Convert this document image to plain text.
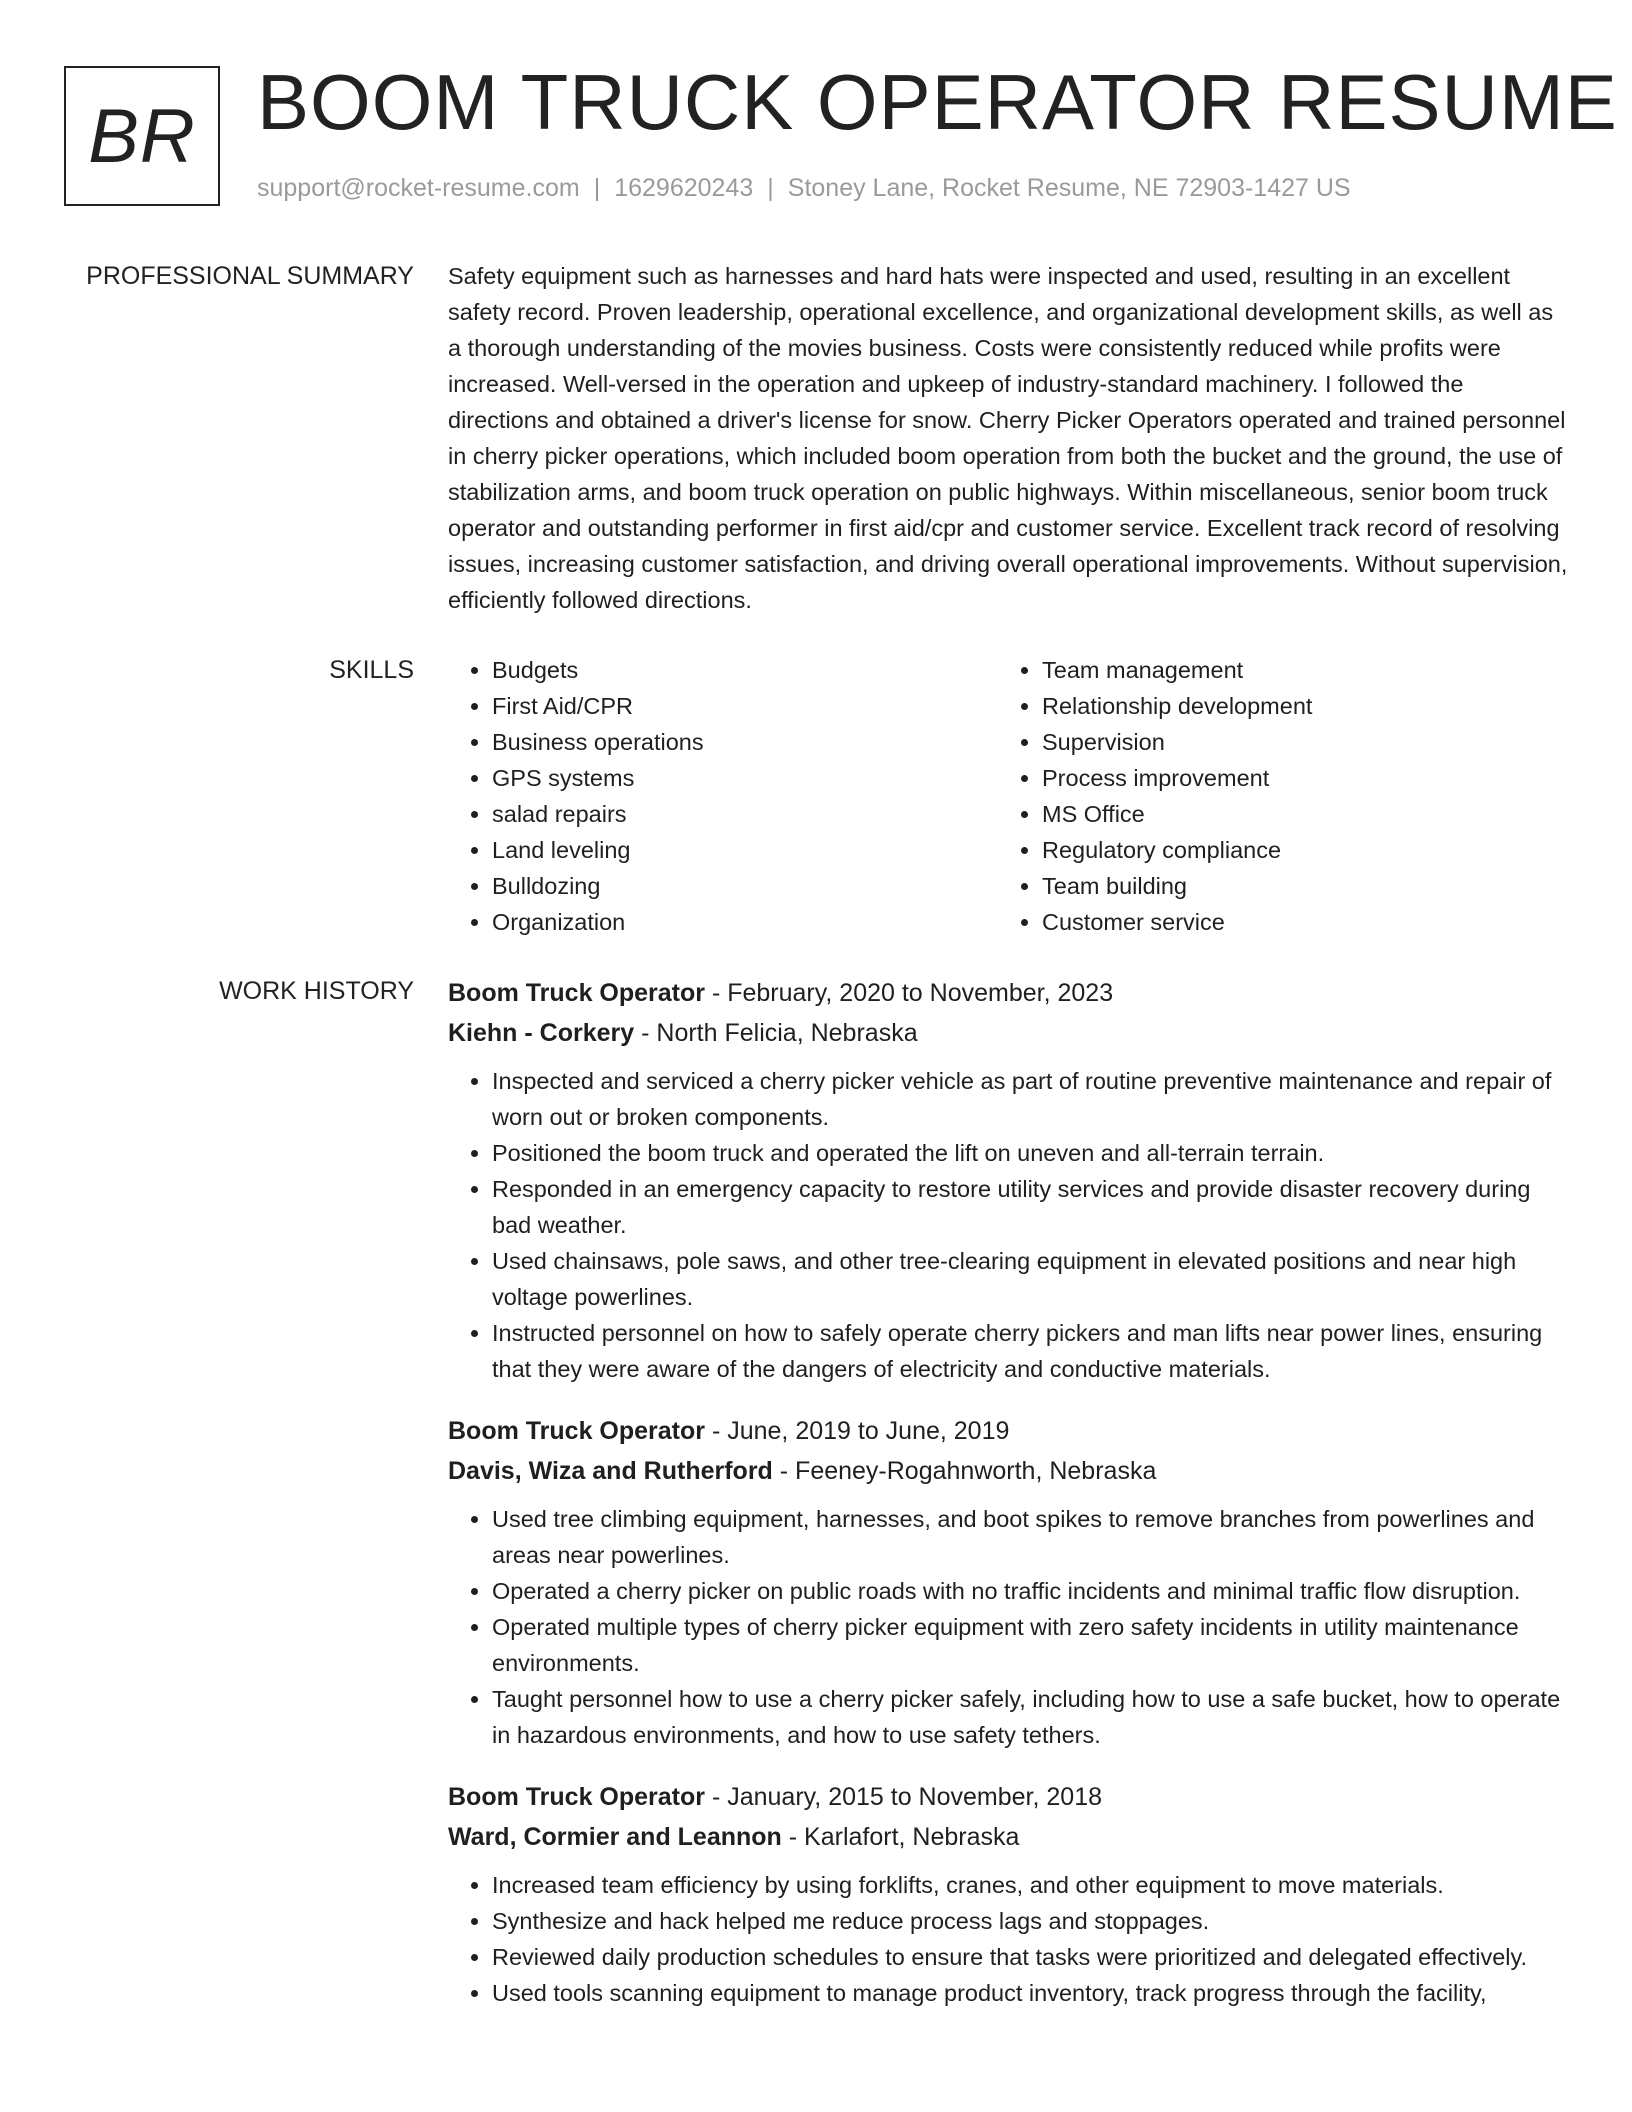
BR BOOM TRUCK OPERATOR RESUME
support@rocket-resume.com | 1629620243 | Stoney Lane, Rocket Resume, NE 72903-1427 US
PROFESSIONAL SUMMARY Safety equipment such as harnesses and hard hats were inspected and used, resulting in an excellent safety record. Proven leadership, operational excellence, and organizational development skills, as well as a thorough understanding of the movies business. Costs were consistently reduced while profits were increased. Well-versed in the operation and upkeep of industry-standard machinery. I followed the directions and obtained a driver's license for snow. Cherry Picker Operators operated and trained personnel in cherry picker operations, which included boom operation from both the bucket and the ground, the use of stabilization arms, and boom truck operation on public highways. Within miscellaneous, senior boom truck operator and outstanding performer in first aid/cpr and customer service. Excellent track record of resolving issues, increasing customer satisfaction, and driving overall operational improvements. Without supervision, efficiently followed directions.

SKILLS
•	Budgets
• First Aid/CPR
• Business operations
• GPS systems
• salad repairs
• Land leveling
• Bulldozing
• Organization
• Team management
• Relationship development
• Supervision
• Process improvement
• MS Office
• Regulatory compliance
• Team building
• Customer service
WORK HISTORY Boom Truck Operator - February, 2020 to November, 2023
Kiehn - Corkery - North Felicia, Nebraska
• Inspected and serviced a cherry picker vehicle as part of routine preventive maintenance and repair of worn out or broken components.
• Positioned the boom truck and operated the lift on uneven and all-terrain terrain.
• Responded in an emergency capacity to restore utility services and provide disaster recovery during bad weather.
• Used chainsaws, pole saws, and other tree-clearing equipment in elevated positions and near high voltage powerlines.
• Instructed personnel on how to safely operate cherry pickers and man lifts near power lines, ensuring that they were aware of the dangers of electricity and conductive materials.
Boom Truck Operator - June, 2019 to June, 2019
Davis, Wiza and Rutherford - Feeney-Rogahnworth, Nebraska
• Used tree climbing equipment, harnesses, and boot spikes to remove branches from powerlines and areas near powerlines.
• Operated a cherry picker on public roads with no traffic incidents and minimal traffic flow disruption.
• Operated multiple types of cherry picker equipment with zero safety incidents in utility maintenance environments.
• Taught personnel how to use a cherry picker safely, including how to use a safe bucket, how to operate in hazardous environments, and how to use safety tethers.
Boom Truck Operator - January, 2015 to November, 2018
Ward, Cormier and Leannon - Karlafort, Nebraska
• Increased team efficiency by using forklifts, cranes, and other equipment to move materials.
• Synthesize and hack helped me reduce process lags and stoppages.
• Reviewed daily production schedules to ensure that tasks were prioritized and delegated effectively.
• Used tools scanning equipment to manage product inventory, track progress through the facility,
